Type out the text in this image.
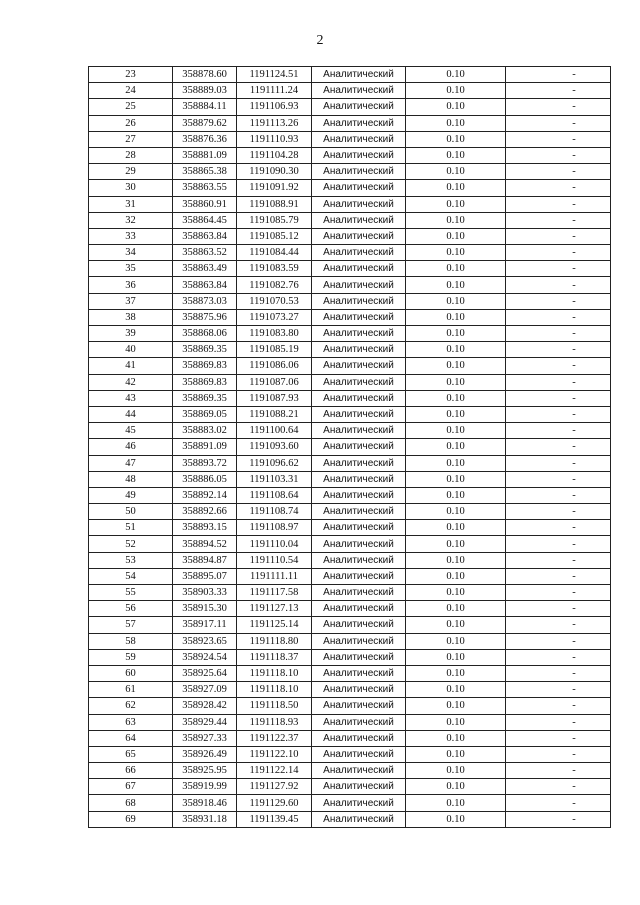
2
23	358878.60	1191124.51	Аналитический	0.10	-
24	358889.03	1191111.24	Аналитический	0.10	-
25	358884.11	1191106.93	Аналитический	0.10	-
26	358879.62	1191113.26	Аналитический	0.10	-
27	358876.36	1191110.93	Аналитический	0.10	-
28	358881.09	1191104.28	Аналитический	0.10	-
29	358865.38	1191090.30	Аналитический	0.10	-
30	358863.55	1191091.92	Аналитический	0.10	-
31	358860.91	1191088.91	Аналитический	0.10	-
32	358864.45	1191085.79	Аналитический	0.10	-
33	358863.84	1191085.12	Аналитический	0.10	-
34	358863.52	1191084.44	Аналитический	0.10	-
35	358863.49	1191083.59	Аналитический	0.10	-
36	358863.84	1191082.76	Аналитический	0.10	-
37	358873.03	1191070.53	Аналитический	0.10	-
38	358875.96	1191073.27	Аналитический	0.10	-
39	358868.06	1191083.80	Аналитический	0.10	-
40	358869.35	1191085.19	Аналитический	0.10	-
41	358869.83	1191086.06	Аналитический	0.10	-
42	358869.83	1191087.06	Аналитический	0.10	-
43	358869.35	1191087.93	Аналитический	0.10	-
44	358869.05	1191088.21	Аналитический	0.10	-
45	358883.02	1191100.64	Аналитический	0.10	-
46	358891.09	1191093.60	Аналитический	0.10	-
47	358893.72	1191096.62	Аналитический	0.10	-
48	358886.05	1191103.31	Аналитический	0.10	-
49	358892.14	1191108.64	Аналитический	0.10	-
50	358892.66	1191108.74	Аналитический	0.10	-
51	358893.15	1191108.97	Аналитический	0.10	-
52	358894.52	1191110.04	Аналитический	0.10	-
53	358894.87	1191110.54	Аналитический	0.10	-
54	358895.07	1191111.11	Аналитический	0.10	-
55	358903.33	1191117.58	Аналитический	0.10	-
56	358915.30	1191127.13	Аналитический	0.10	-
57	358917.11	1191125.14	Аналитический	0.10	-
58	358923.65	1191118.80	Аналитический	0.10	-
59	358924.54	1191118.37	Аналитический	0.10	-
60	358925.64	1191118.10	Аналитический	0.10	-
61	358927.09	1191118.10	Аналитический	0.10	-
62	358928.42	1191118.50	Аналитический	0.10	-
63	358929.44	1191118.93	Аналитический	0.10	-
64	358927.33	1191122.37	Аналитический	0.10	-
65	358926.49	1191122.10	Аналитический	0.10	-
66	358925.95	1191122.14	Аналитический	0.10	-
67	358919.99	1191127.92	Аналитический	0.10	-
68	358918.46	1191129.60	Аналитический	0.10	-
69	358931.18	1191139.45	Аналитический	0.10	-
